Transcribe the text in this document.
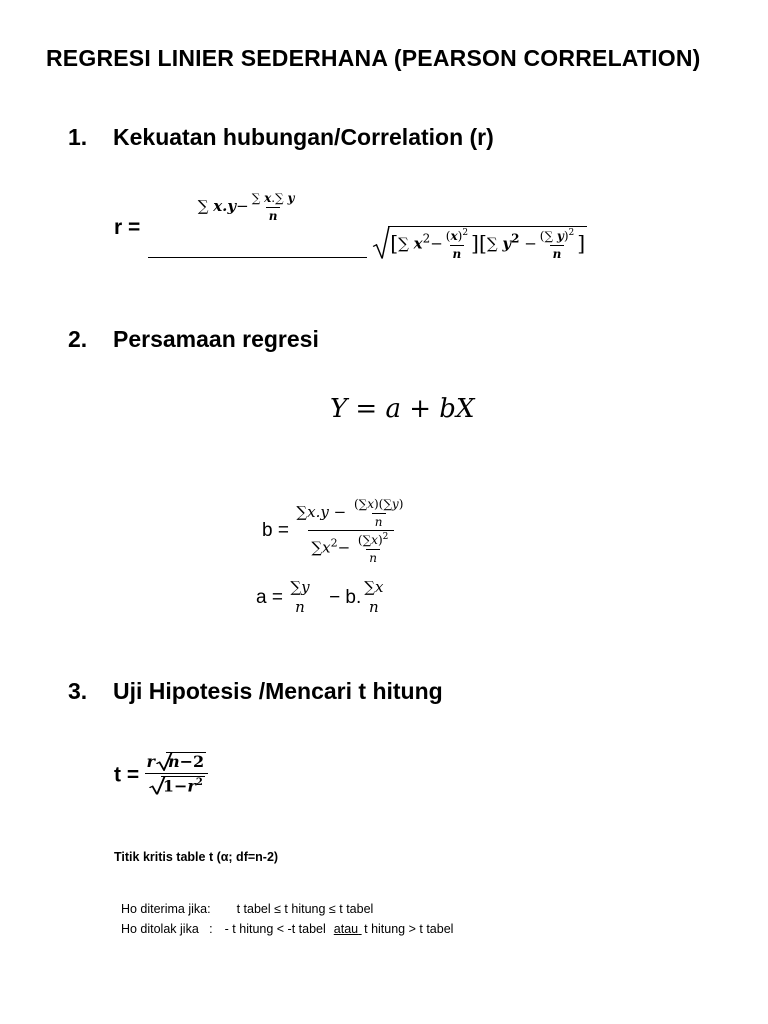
REGRESI LINIER SEDERHANA (PEARSON CORRELATION)
1. Kekuatan hubungan/Correlation (r)
r =
∑ $x.y- \frac{\sum x.\sum y}{n}$

[∑ $x^2- \frac{(x)^2}{n}$ ][∑ $y^2 - \frac{(\sum y)^2}{n}$ ]
2. Persamaan regresi
Y = a + bX
$b = \frac{\sum x.y - \frac{(\sum x)(\sum y)}{n}}{\sum x^2- \frac{(\sum x)^2}{n}}$
a = ∑y
n − b. ∑x
n
3. Uji Hipotesis /Mencari t hitung
$t = \frac{\text{r n−2}}{1-r^2}$
Titik kritis table t (α; df=n-2)

Ho diterima jika: t tabel ≤ t hitung ≤ t tabel

Ho ditolak jika   : - t hitung < -t tabel atau t hitung > t tabel
